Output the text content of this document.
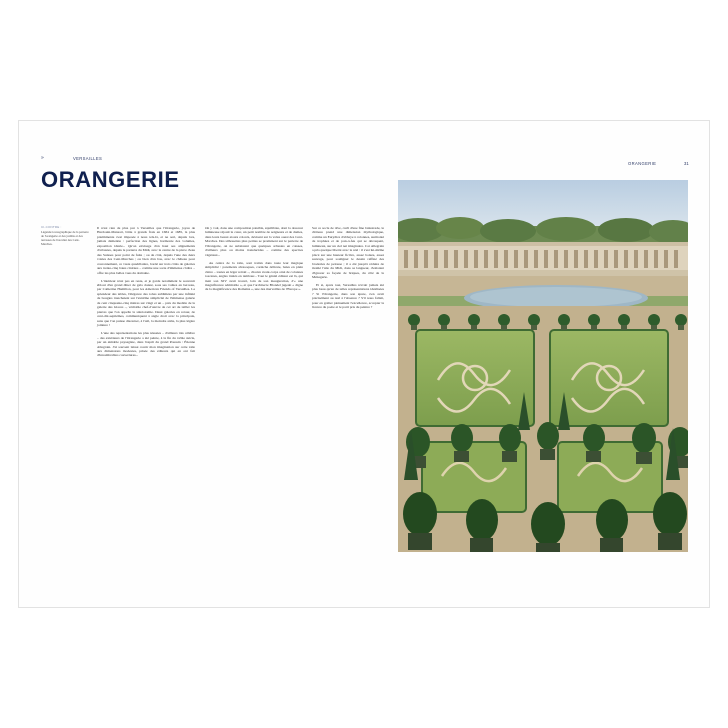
»	VERSAILLES
ORANGERIE	31
ORANGERIE
CI-CONTRE :
Légende iconographique de la parterre de l'orangerie et des jardins et des terrasses de l'escalier des Cent-Marches.

Il n'est rien de plus pur à Versailles que l'Orangerie, joyau de Hardouin-Mansart, bâtie à grands frais en 1684 et 1685, la plus prééminente s'est imposée à nous tels-là, et ne sert, depuis lors, jamais démentie : perfection des lignes, harmonie des volumes, exposition idéale... Qu'on envisage d'en haut ses alignements d'arbustes, depuis le parterre du Midi, avec le centre de la pièce d'eau des Suisses pour point de fuite ; ou de côté, depuis l'une des deux volées des Cent-Marches ; ou bien d'en bas, avec le château pour couronnement, ce vaste quadrilatère, bordé sur trois côtés de galeries aux trente-cinq baies cintrées – comme une sorte d'immense cloître – offre les plus belles vues du domaine.

L'intérieur n'est pas en reste, et je garde notamment le souvenir ébloui d'un grand dîner de gala donné, sous ses voûtes en berceau, par Catherine Hamilton, pour les American Friends of Versailles. La splendeur des tables, l'élégance des robes sublimées par une infinité de bougies tranchaient sur l'extrême simplicité de l'immense galerie de cent cinquante-cinq mètres sur vingt et un – près du modèle de la galerie des Glaces –, véritable chef-d'œuvre de cet art de tailler les pierres que l'on appelle la stéréotomie. Deux galeries en retour, de cent-dix-septièmes, communiquent à angle droit avec la principale, sans que l'on puisse discerner, à l'œil, la moindre arête, la plus légère jointure !

L'une des représentations les plus réussies – d'ailleurs très célèbre – des extérieurs de l'Orangerie a été peinte, à la fin du xviiie siècle, par un aimable paysagiste, dans l'esprit du grand Poussin : Étienne Allegrain. J'ai souvent laissé courir mon imagination sur cette toile aux dimensions modestes, prisée des éditeurs qui en ont fait d'innombrables couvertures...

On y voit, dans une composition paisible, équilibrée, dont la douceur lumineuse réjouit le cœur, un petit nombre de seigneurs et de dames, dans leurs beaux atours colorés, devisant sur la volée ouest des Cent-Marches. Des silhouettes plus petites se promènent sur le parterre de l'Orangerie, où ne subsistent que quelques arbustes en caisses, d'ailleurs plus ou moins translucides – comme des spectres végétaux...

Au centre de la toile, sont traités dans toute leur magique simplicité : parements abrasoques, corniche délicate, baies en plein cintre – toutes en léger retrait –, chacun avant-corps orné de colonnes toscanes, angles traités en tambour... Tout le génial éditeur est là, qui tient son XIV avait trouvé, loin de son inauguration, d'« une magnificence admirable », et que l'architecte Blondel jugeait « digne de la magnificence des Romains », une des merveilles de l'Europe ».

Sur ce socle de rêve, curli d'une fine balustrade, le château prend une dimension mythologique, comme un Eurydice d'abbaye à colonnes, surmonté de trophées et de pots-à-feu qui se découpent, lumineux, sur un ciel net imaginaire. Car Allegrain a pris quelque liberté avec le réel : il s'est lui-même placé sur une hauteur fictive, assez boisée, assez sauvage, pour souligner le dessin raffiné des broderies de pelouse ; il a été jusqu'à réduire de moitié l'aile du Midi, dans sa langueur, d'existant d'ignorer sa façade de briques, du côté de la Ménagerie.

Et si, après tout, Versailles n'avait jamais été plus beau qu'en de telles représentations idéalisées ? Si l'Orangerie, dans son épure, s'en avait précisément au réel à l'absence ? S'il nous fallait, pour en goûter pleinement l'excellence, accepter la licence du poète et le parti pris du peintre ?
